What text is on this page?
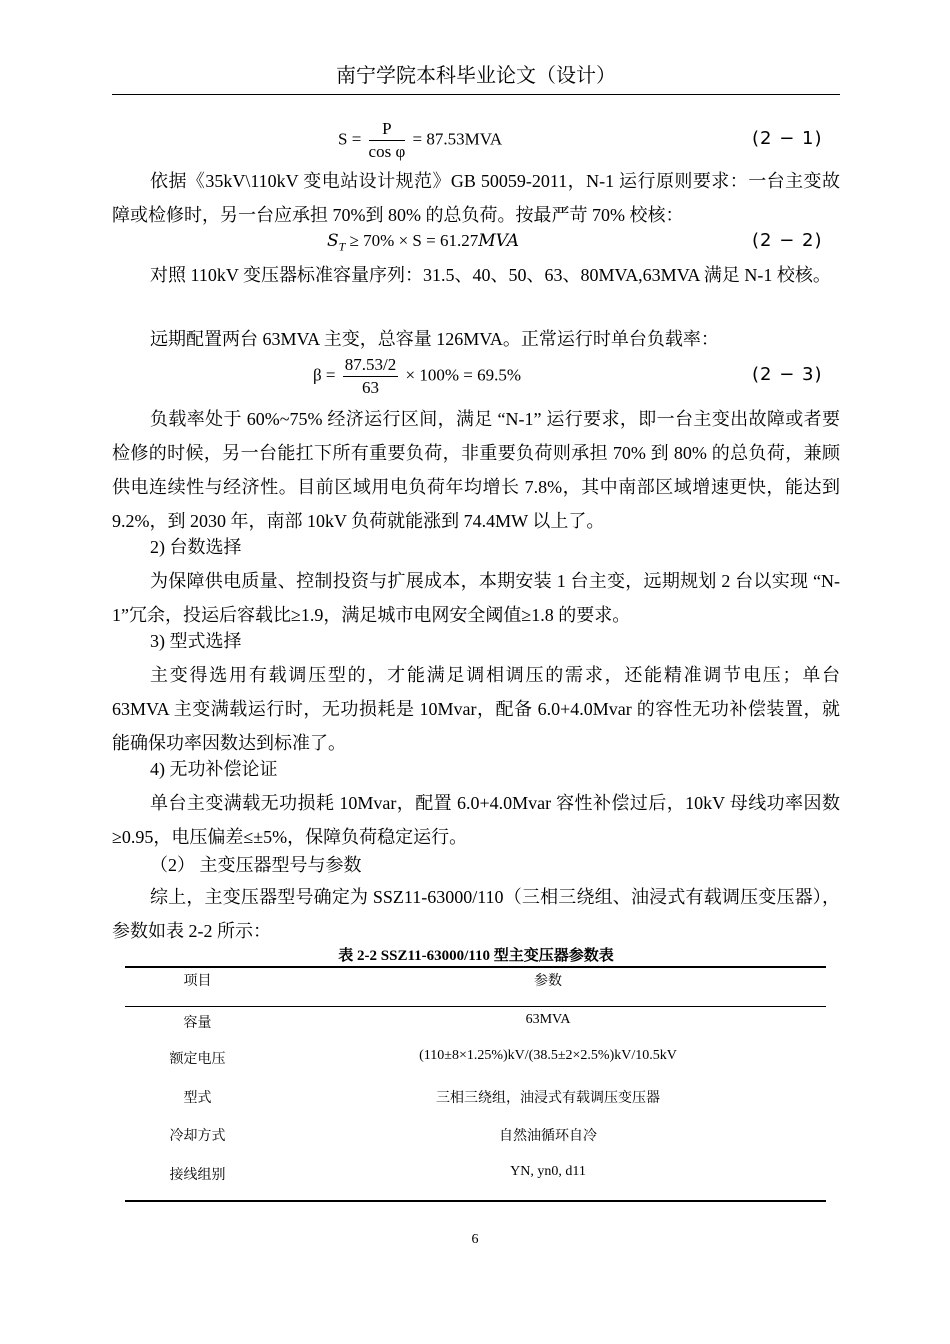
南宁学院本科毕业论文（设计）
$S = \frac{P}{\text{cos φ}} = 87.53MVA$	(2 − 1)

依据《35kV\110kV 变电站设计规范》GB 50059-2011，N-1 运行原则要求：一台主变故障或检修时，另一台应承担 70%到 80% 的总负荷。按最严苛 70% 校核：

$S_T \ge 70\% \times S = 61.27MVA$	(2 − 2)

对照 110kV 变压器标准容量序列：31.5、40、50、63、80MVA,63MVA 满足 N-1 校核。

远期配置两台 63MVA 主变，总容量 126MVA。正常运行时单台负载率：

$\beta = \frac{87.53/2}{63} \times 100\% = 69.5\%$	(2 − 3)

负载率处于 60%~75% 经济运行区间，满足 “N-1” 运行要求，即一台主变出故障或者要检修的时候，另一台能扛下所有重要负荷，非重要负荷则承担 70% 到 80% 的总负荷，兼顾供电连续性与经济性。目前区域用电负荷年均增长 7.8%，其中南部区域增速更快，能达到 9.2%，到 2030 年，南部 10kV 负荷就能涨到 74.4MW 以上了。

2) 台数选择

为保障供电质量、控制投资与扩展成本，本期安装 1 台主变，远期规划 2 台以实现 “N-1”冗余，投运后容载比≥1.9，满足城市电网安全阈值≥1.8 的要求。

3) 型式选择

主变得选用有载调压型的，才能满足调相调压的需求，还能精准调节电压；单台 63MVA 主变满载运行时，无功损耗是 10Mvar，配备 6.0+4.0Mvar 的容性无功补偿装置，就能确保功率因数达到标准了。

4) 无功补偿论证

单台主变满载无功损耗 10Mvar，配置 6.0+4.0Mvar 容性补偿过后，10kV 母线功率因数≥0.95，电压偏差≤±5%，保障负荷稳定运行。

（2） 主变压器型号与参数

综上，主变压器型号确定为 SSZ11-63000/110（三相三绕组、油浸式有载调压变压器），参数如表 2-2 所示：

表 2-2 SSZ11-63000/110 型主变压器参数表
项目	参数
容量	63MVA
额定电压	(110±8×1.25%)kV/(38.5±2×2.5%)kV/10.5kV
型式	三相三绕组，油浸式有载调压变压器
冷却方式	自然油循环自冷
接线组别	YN, yn0, d11
6
